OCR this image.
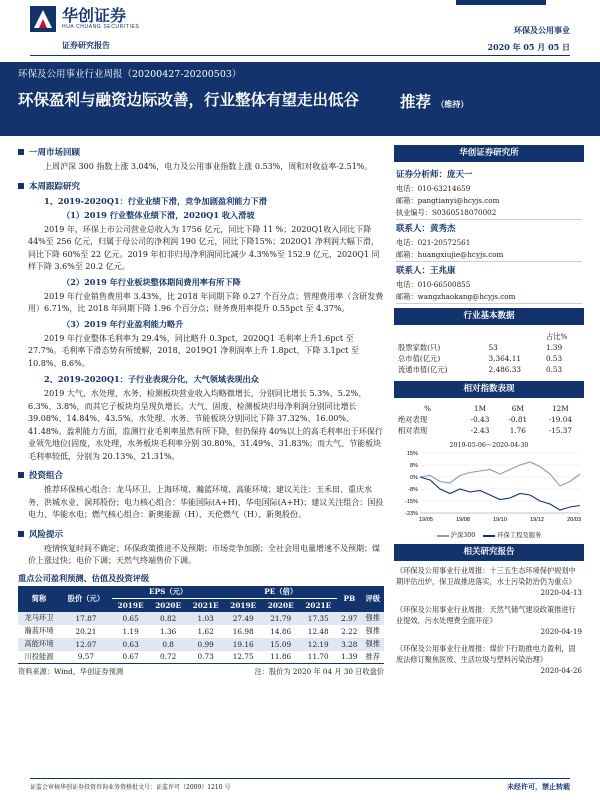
华创证券
HUA CHUANG SECURITIES
证券研究报告
环保及公用事业
2020 年 05 月 05 日
环保及公用事业行业周报（20200427-20200503）
环保盈利与融资边际改善，行业整体有望走出低谷	推荐 （维持）
一周市场回顾

上周沪深 300 指数上涨 3.04%，电力及公用事业指数上涨 0.53%，周和对收益率-2.51%。

本周跟踪研究
1、2019-2020Q1：行业业绩下滑，竞争加剧盈利能力下滑
（1）2019 行业整体业绩下滑，2020Q1 收入滑坡

2019 年，环保上市公司营业总收入为 1756 亿元，同比下降 11 %；2020Q1收入同比下降 44%至 256 亿元，归属于母公司的净利润 190 亿元，同比下降15%；2020Q1 净利润大幅下滑，同比下降 60%至 22 亿元。2019 年扣非归母净利润同比减少 4.3%%至 152.9 亿元，2020Q1 同样下降 3.6%至 20.2 亿元。

（2）2019 年行业板块整体期间费用率有所下降

2019 年行业销售费用率 3.43%，比 2018 年同期下降 0.27 个百分点；管理费用率（含研发费用）6.71%，比 2018 年同期下降 1.96 个百分点；财务费用率提升 0.55pct 至 4.37%。

（3）2019 年行业盈利能力略升

2019 年行业整体毛利率为 29.4%，同比略升 0.3pct，2020Q1 毛利率上升1.6pct 至 27.7%。毛利率下滑态势有所缓解，2018、2019Q1 净利润率上升 1.8pct、下降 3.1pct 至 10.8%、8.6%。

2、2019-2020Q1：子行业表现分化，大气领域表现出众

2019 大气、水处理、水务、检测板块营业收入均略微增长，分别同比增长 5.3%、5.2%、6.3%、3.8%，而其它子板块均呈现负增长。大气、固废、检测板块归母净利润分别同比增长 39.08%、14.84%、43.5%。水处理、水务、节能板块分别同比下降 37.32%、16.00%、41.48%。盈利能力方面，监测行业毛利率虽然有所下降，但仍保持 40%以上的高毛利率出于环保行业领先地位(固废，水处理，水务板块毛利率分别 30.80%、31.49%、31.83%；而大气、节能板块毛利率较低，分别为 20.13%、21.31%。

投资组合

推荐环保核心组合：龙马环卫、上海环境、瀚蓝环境、高能环境；建议关注：玉禾田、重庆水务、洪城水业、洞邦股份；电力核心组合：华能国际(A+H)、华电国际(A+H)；建议关注组合：国投电力、华能水电；燃气核心组合：新奥能源（H）、天伦燃气（H）、新奥股份。

风险提示

疫情恢复时间不确定；环保政策推进不及预期；市场竞争加剧；全社会用电量增速不及预期；煤价上涨过快；电价下调；天然气终端售价下调。

重点公司盈利预测、估值及投资评级
简称	股价（元）	EPS（元）			PE（倍）			PB	评级
		2019E	2020E	2021E	2019E	2020E	2021E		
龙马环卫	17.87	0.65	0.82	1.03	27.49	21.79	17.35	2.97	强推
瀚蓝环境	20.21	1.19	1.36	1.62	16.98	14.86	12.48	2.22	强推
高能环境	12.07	0.63	0.8	0.99	19.16	15.09	12.19	3.28	强推
川投能源	9.57	0.67	0.72	0.73	12.75	11.86	11.70	1.39	推荐
资料来源：Wind，华创证券预测	注：股价为 2020 年 04 月 30 日收盘价
华创证券研究所
证券分析师：庞天一
电话：010-63214659
邮箱：pangtianyi@hcyjs.com
执业编号：S0360518070002
联系人：黄秀杰
电话：021-20572561
邮箱：huangxiujie@hcyjs.com
联系人：王兆康
电话：010-66500855
邮箱：wangzhaokang@hcyjs.com
行业基本数据
		占比%
股票家数(只)	53	1.39
总市值(亿元)	3,364.11	0.53
流通市值(亿元)	2,486.33	0.53
相对指数表现
%	1M	6M	12M
绝对表现	-0.43	-0.81	-19.04
相对表现	-2.43	1.76	-15.37
2019-05-06～2020-04-30
15%
8%
0%
-8%
-15%
-23%
19/05	19/08	19/10	19/12	20/03
沪深300	环保工程及服务
相关研究报告
《环保及公用事业行业周报：十三五生态环境保护规划中期评估出炉，保卫战推进落实，水土污染防治仍为重点》
2020-04-13
《环保及公用事业行业周报：天然气储气建设政策推进行业提效，污水处理费全面开征》
2020-04-19
《环保及公用事业行业周报：煤价下行助推电力盈利，固废法修订聚焦医废、生活垃圾与塑料污染治理》
2020-04-26
证监会审核华创证券投资咨询业务资格批文号：证监许可（2009）1210 号	未经许可，禁止转载
